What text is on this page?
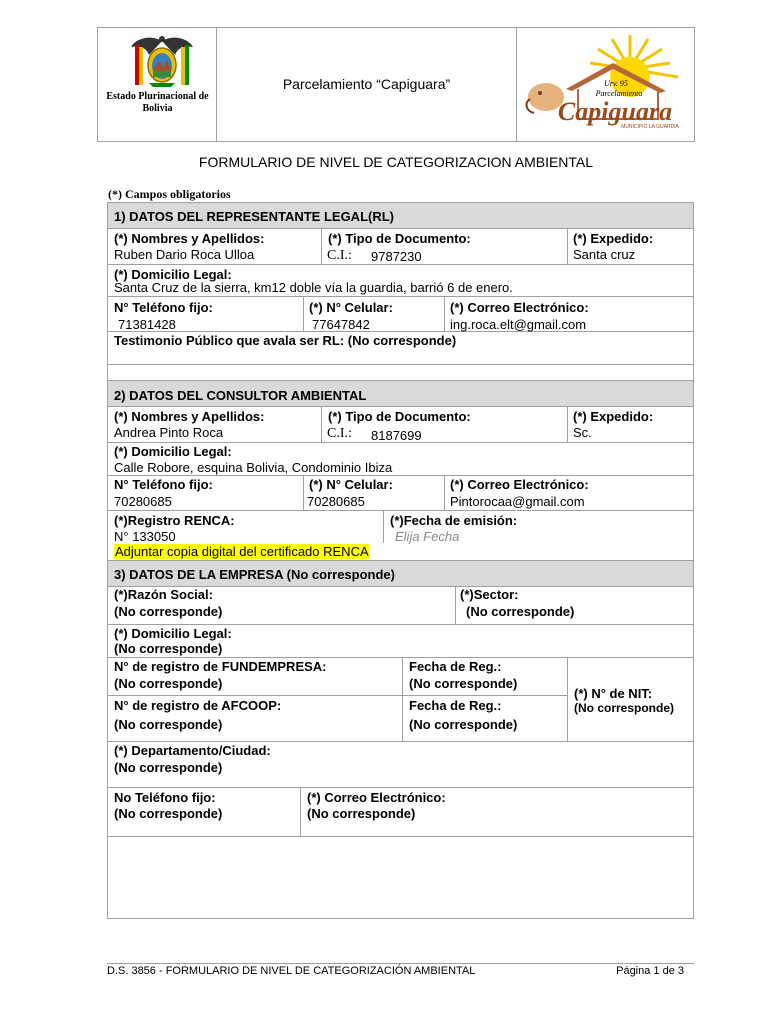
Estado Plurinacional de Bolivia
Parcelamiento “Capiguara”	Urv. 95
Parcelamiento
Capiguara
MUNICIPIO LA GUARDIA
FORMULARIO DE NIVEL DE CATEGORIZACION AMBIENTAL
(*) Campos obligatorios
1) DATOS DEL REPRESENTANTE LEGAL(RL)
(*) Nombres y Apellidos:
Ruben Dario Roca Ulloa
(*) Tipo de Documento:
C.I.: 9787230
(*) Expedido:
Santa cruz
(*) Domicilio Legal:
Santa Cruz de la sierra, km12 doble vía la guardia, barrió 6 de enero.
N° Teléfono fijo:
71381428
(*) N° Celular:
77647842
(*) Correo Electrónico:
ing.roca.elt@gmail.com
Testimonio Público que avala ser RL: (No corresponde)
2) DATOS DEL CONSULTOR AMBIENTAL
(*) Nombres y Apellidos:
Andrea Pinto Roca
(*) Tipo de Documento:
C.I.: 8187699
(*) Expedido:
Sc.
(*) Domicilio Legal:
Calle Robore, esquina Bolivia, Condominio Ibiza
N° Teléfono fijo:
70280685
(*) N° Celular:
70280685
(*) Correo Electrónico:
Pintorocaa@gmail.com
(*)Registro RENCA:
N° 133050
(*)Fecha de emisión:
Elija Fecha
Adjuntar copia digital del certificado RENCA
3) DATOS DE LA EMPRESA (No corresponde)
(*)Razón Social:
(No corresponde)
(*)Sector:
(No corresponde)
(*) Domicilio Legal:
(No corresponde)
N° de registro de FUNDEMPRESA:
(No corresponde)
Fecha de Reg.:
(No corresponde)
N° de registro de AFCOOP:
(No corresponde)
Fecha de Reg.:
(No corresponde)
(*) N° de NIT:
(No corresponde)
(*) Departamento/Ciudad:
(No corresponde)
No Teléfono fijo:
(No corresponde)
(*) Correo Electrónico:
(No corresponde)
D.S. 3856 - FORMULARIO DE NIVEL DE CATEGORIZACIÓN AMBIENTAL	Página 1 de 3
